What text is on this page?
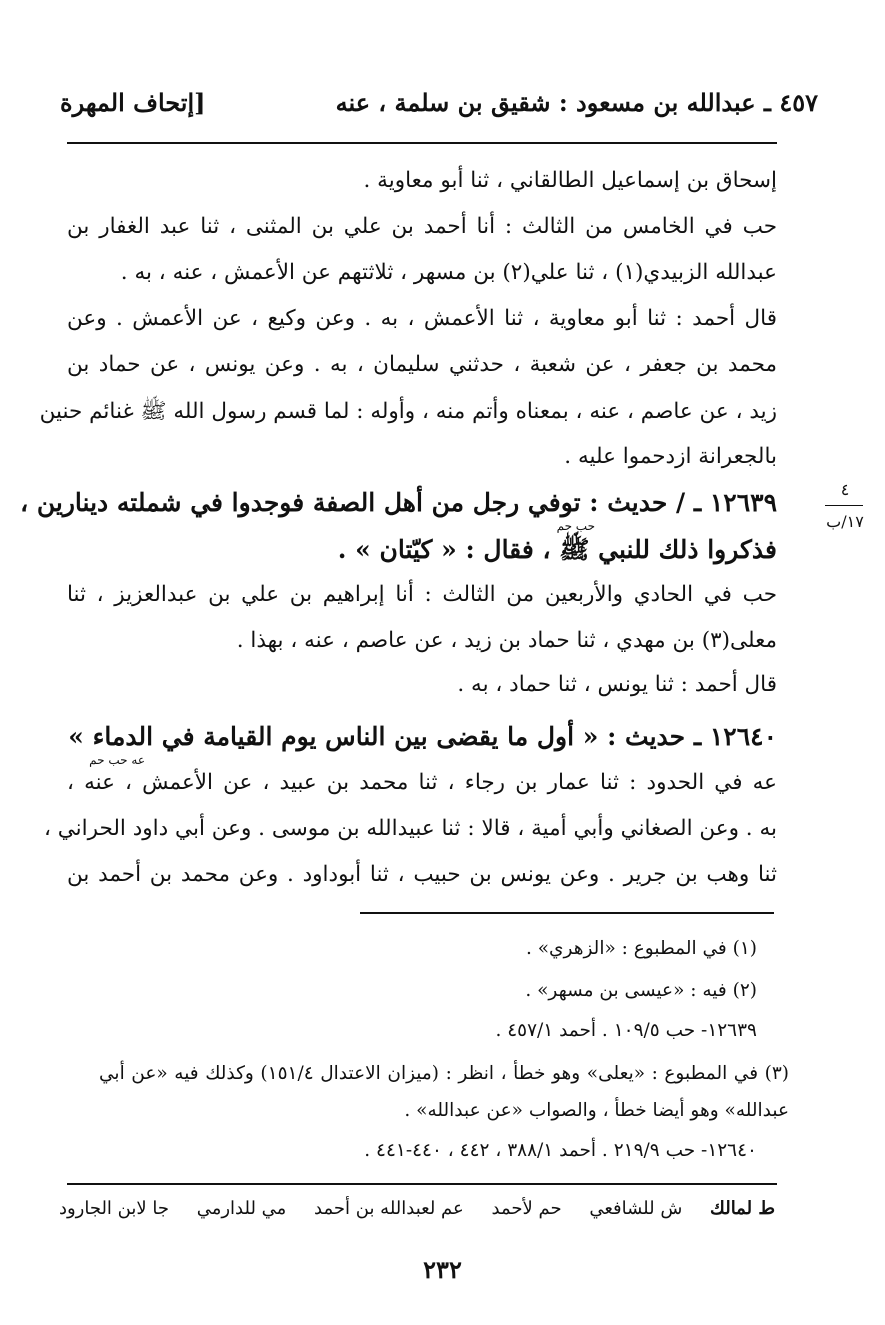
٤٥٧ ـ عبدالله بن مسعود : شقيق بن سلمة ، عنه
[إتحاف المهرة
إسحاق بن إسماعيل الطالقاني ، ثنا أبو معاوية .
حب في الخامس من الثالث : أنا أحمد بن علي بن المثنى ، ثنا عبد الغفار بن
عبدالله الزبيدي(١) ، ثنا علي(٢) بن مسهر ، ثلاثتهم عن الأعمش ، عنه ، به .
قال أحمد : ثنا أبو معاوية ، ثنا الأعمش ، به . وعن وكيع ، عن الأعمش . وعن
محمد بن جعفر ، عن شعبة ، حدثني سليمان ، به . وعن يونس ، عن حماد بن
زيد ، عن عاصم ، عنه ، بمعناه وأتم منه ، وأوله : لما قسم رسول الله ﷺ غنائم حنين
بالجعرانة ازدحموا عليه .
١٢٦٣٩ ـ / حديث : توفي رجل من أهل الصفة فوجدوا في شملته دينارين ،
حب حم
فذكروا ذلك للنبي ﷺ ، فقال : « كيّتان » .
٤
١٧/ب
حب في الحادي والأربعين من الثالث : أنا إبراهيم بن علي بن عبدالعزيز ، ثنا
معلى(٣) بن مهدي ، ثنا حماد بن زيد ، عن عاصم ، عنه ، بهذا .
قال أحمد : ثنا يونس ، ثنا حماد ، به .
١٢٦٤٠ ـ حديث : « أول ما يقضى بين الناس يوم القيامة في الدماء »
عه حب حم
عه في الحدود : ثنا عمار بن رجاء ، ثنا محمد بن عبيد ، عن الأعمش ، عنه ،
به . وعن الصغاني وأبي أمية ، قالا : ثنا عبيدالله بن موسى . وعن أبي داود الحراني ،
ثنا وهب بن جرير . وعن يونس بن حبيب ، ثنا أبوداود . وعن محمد بن أحمد بن
(١) في المطبوع : «الزهري» .
(٢) فيه : «عيسى بن مسهر» .
١٢٦٣٩- حب ١٠٩/٥ . أحمد ٤٥٧/١ .
(٣) في المطبوع : «يعلى» وهو خطأ ، انظر : (ميزان الاعتدال ١٥١/٤) وكذلك فيه «عن أبي
عبدالله» وهو أيضا خطأ ، والصواب «عن عبدالله» .
١٢٦٤٠- حب ٢١٩/٩ . أحمد ٣٨٨/١ ، ٤٤٢ ، ٤٤٠-٤٤١ .
ط لمالك ش للشافعي حم لأحمد عم لعبدالله بن أحمد مي للدارمي جا لابن الجارود
٢٣٢
